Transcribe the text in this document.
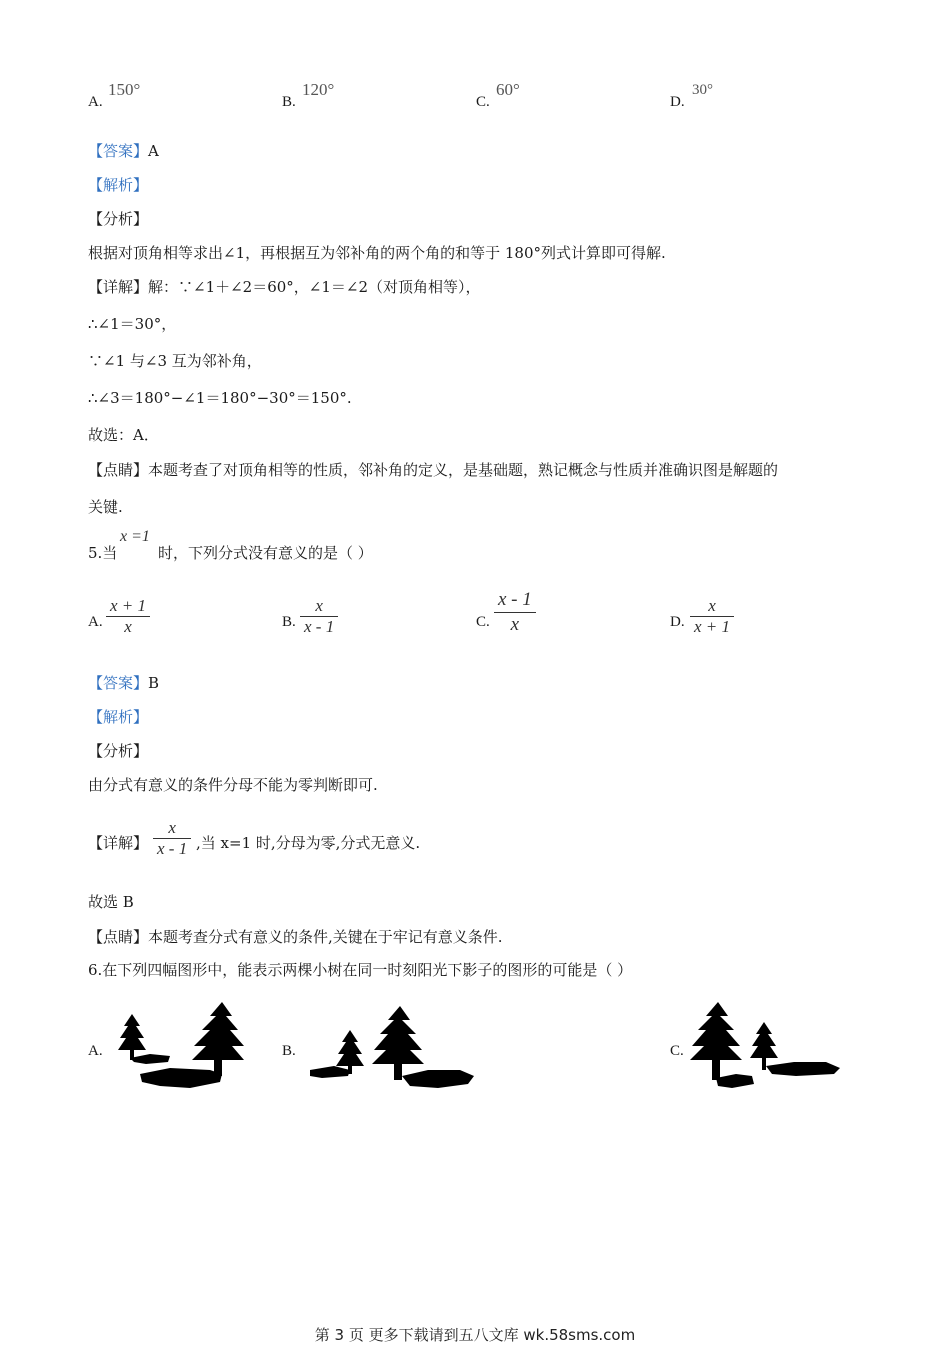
A.
150°
B.
120°
C.
60°
D.
30°
【答案】A
【解析】
【分析】
根据对顶角相等求出∠1，再根据互为邻补角的两个角的和等于 180°列式计算即可得解.
【详解】解：∵∠1＋∠2＝60°，∠1＝∠2（对顶角相等），
∴∠1＝30°，
∵∠1 与∠3 互为邻补角，
∴∠3＝180°−∠1＝180°−30°＝150°.
故选：A．
【点睛】本题考查了对顶角相等的性质，邻补角的定义，是基础题，熟记概念与性质并准确识图是解题的
关键.
5.当
x =1
时，下列分式没有意义的是（ ）
A.
x + 1
x	B.
x
x - 1	C.
x - 1
x	D.
x
x + 1
【答案】B
【解析】
【分析】
由分式有意义的条件分母不能为零判断即可.
【详解】
x
x - 1 ,当 x=1 时,分母为零,分式无意义.
故选 B
【点睛】本题考查分式有意义的条件,关键在于牢记有意义条件.
6.在下列四幅图形中，能表示两棵小树在同一时刻阳光下影子的图形的可能是（ ）
A.	B.	C.
第 3 页 更多下载请到五八文库 wk.58sms.com
